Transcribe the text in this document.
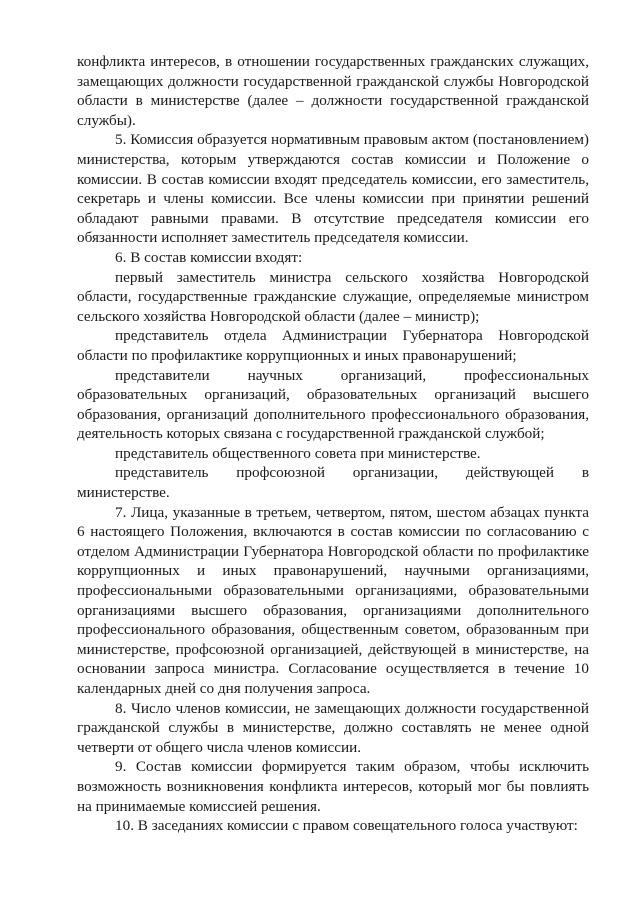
конфликта интересов, в отношении государственных гражданских служащих, замещающих должности государственной гражданской службы Новгородской области в министерстве (далее – должности государственной гражданской службы).

5. Комиссия образуется нормативным правовым актом (постановлением) министерства, которым утверждаются состав комиссии и Положение о комиссии. В состав комиссии входят председатель комиссии, его заместитель, секретарь и члены комиссии. Все члены комиссии при принятии решений обладают равными правами. В отсутствие председателя комиссии его обязанности исполняет заместитель председателя комиссии.

6. В состав комиссии входят:

первый заместитель министра сельского хозяйства Новгородской области, государственные гражданские служащие, определяемые министром сельского хозяйства Новгородской области (далее – министр);

представитель отдела Администрации Губернатора Новгородской области по профилактике коррупционных и иных правонарушений;

представители научных организаций, профессиональных образовательных организаций, образовательных организаций высшего образования, организаций дополнительного профессионального образования, деятельность которых связана с государственной гражданской службой;

представитель общественного совета при министерстве.

представитель профсоюзной организации, действующей в министерстве.

7. Лица, указанные в третьем, четвертом, пятом, шестом абзацах пункта 6 настоящего Положения, включаются в состав комиссии по согласованию с отделом Администрации Губернатора Новгородской области по профилактике коррупционных и иных правонарушений, научными организациями, профессиональными образовательными организациями, образовательными организациями высшего образования, организациями дополнительного профессионального образования, общественным советом, образованным при министерстве, профсоюзной организацией, действующей в министерстве, на основании запроса министра. Согласование осуществляется в течение 10 календарных дней со дня получения запроса.

8. Число членов комиссии, не замещающих должности государственной гражданской службы в министерстве, должно составлять не менее одной четверти от общего числа членов комиссии.

9. Состав комиссии формируется таким образом, чтобы исключить возможность возникновения конфликта интересов, который мог бы повлиять на принимаемые комиссией решения.

10. В заседаниях комиссии с правом совещательного голоса участвуют:
